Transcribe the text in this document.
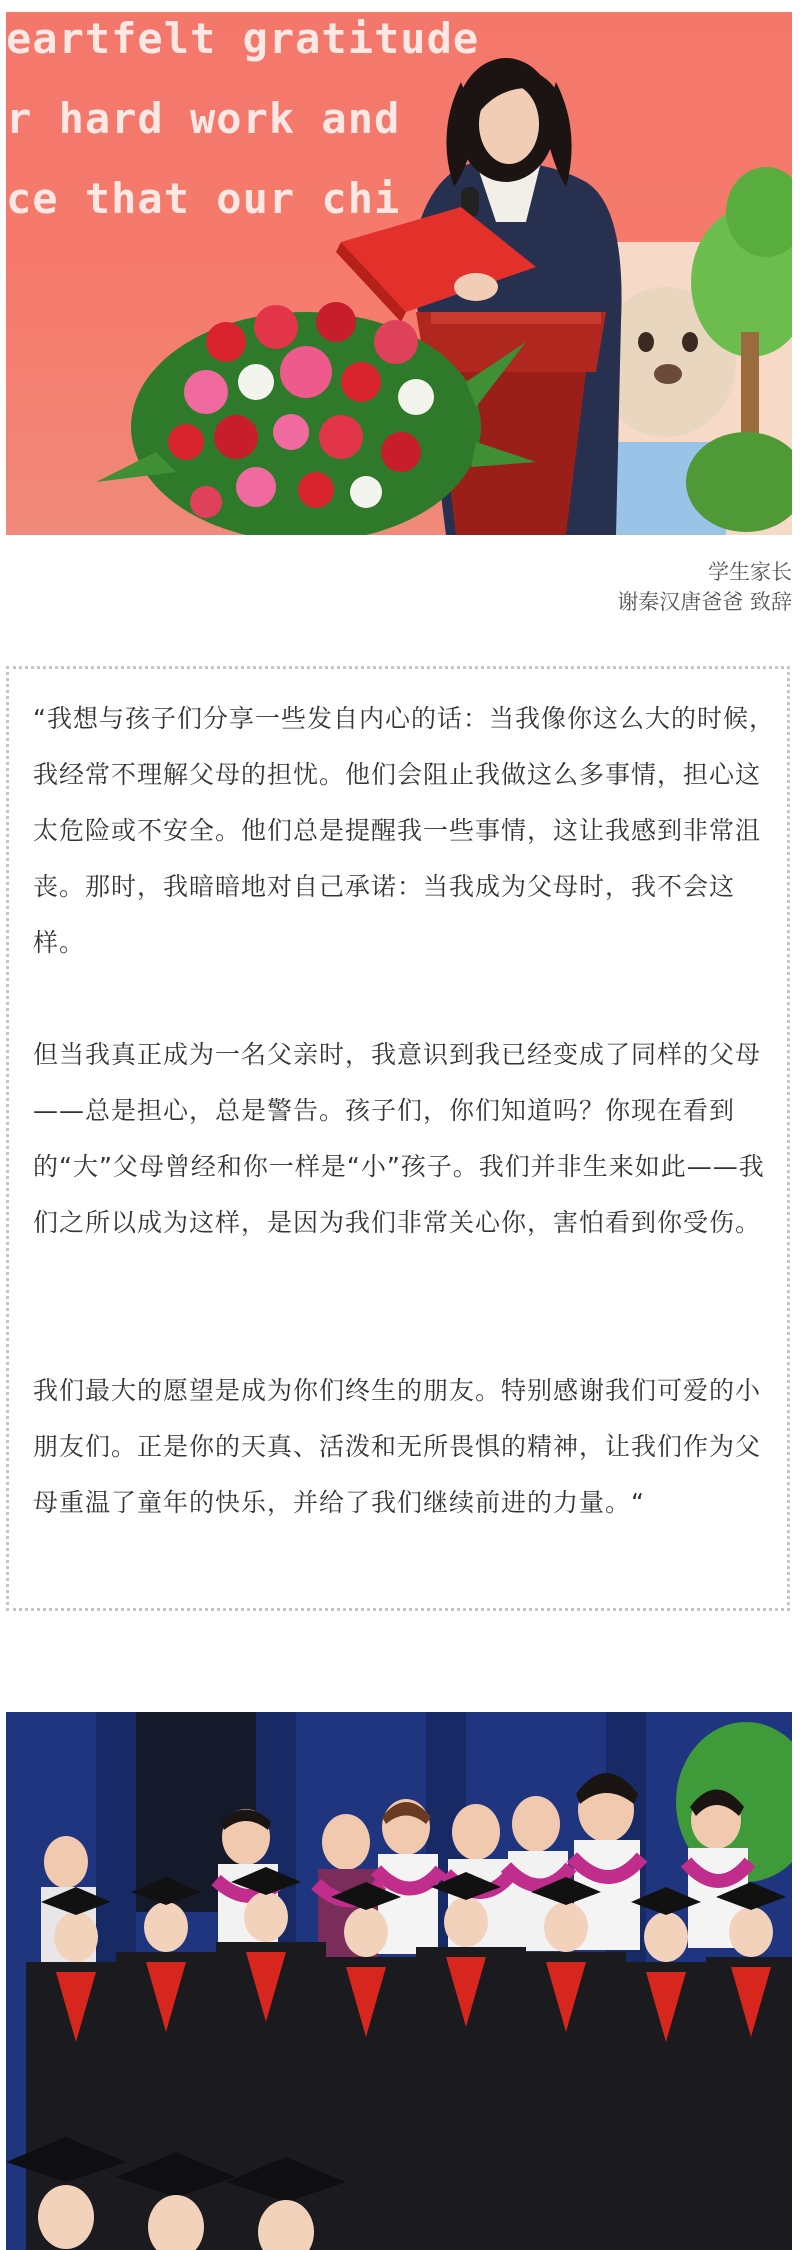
eartfelt gratitude
r hard work and
ce that our chi
学生家长
谢秦汉唐爸爸 致辞

“我想与孩子们分享一些发自内心的话：当我像你这么大的时候，我经常不理解父母的担忧。他们会阻止我做这么多事情，担心这太危险或不安全。他们总是提醒我一些事情，这让我感到非常沮丧。那时，我暗暗地对自己承诺：当我成为父母时，我不会这样。

但当我真正成为一名父亲时，我意识到我已经变成了同样的父母——总是担心，总是警告。孩子们，你们知道吗？你现在看到的“大”父母曾经和你一样是“小”孩子。我们并非生来如此——我们之所以成为这样，是因为我们非常关心你，害怕看到你受伤。

我们最大的愿望是成为你们终生的朋友。特别感谢我们可爱的小朋友们。正是你的天真、活泼和无所畏惧的精神，让我们作为父母重温了童年的快乐，并给了我们继续前进的力量。“
